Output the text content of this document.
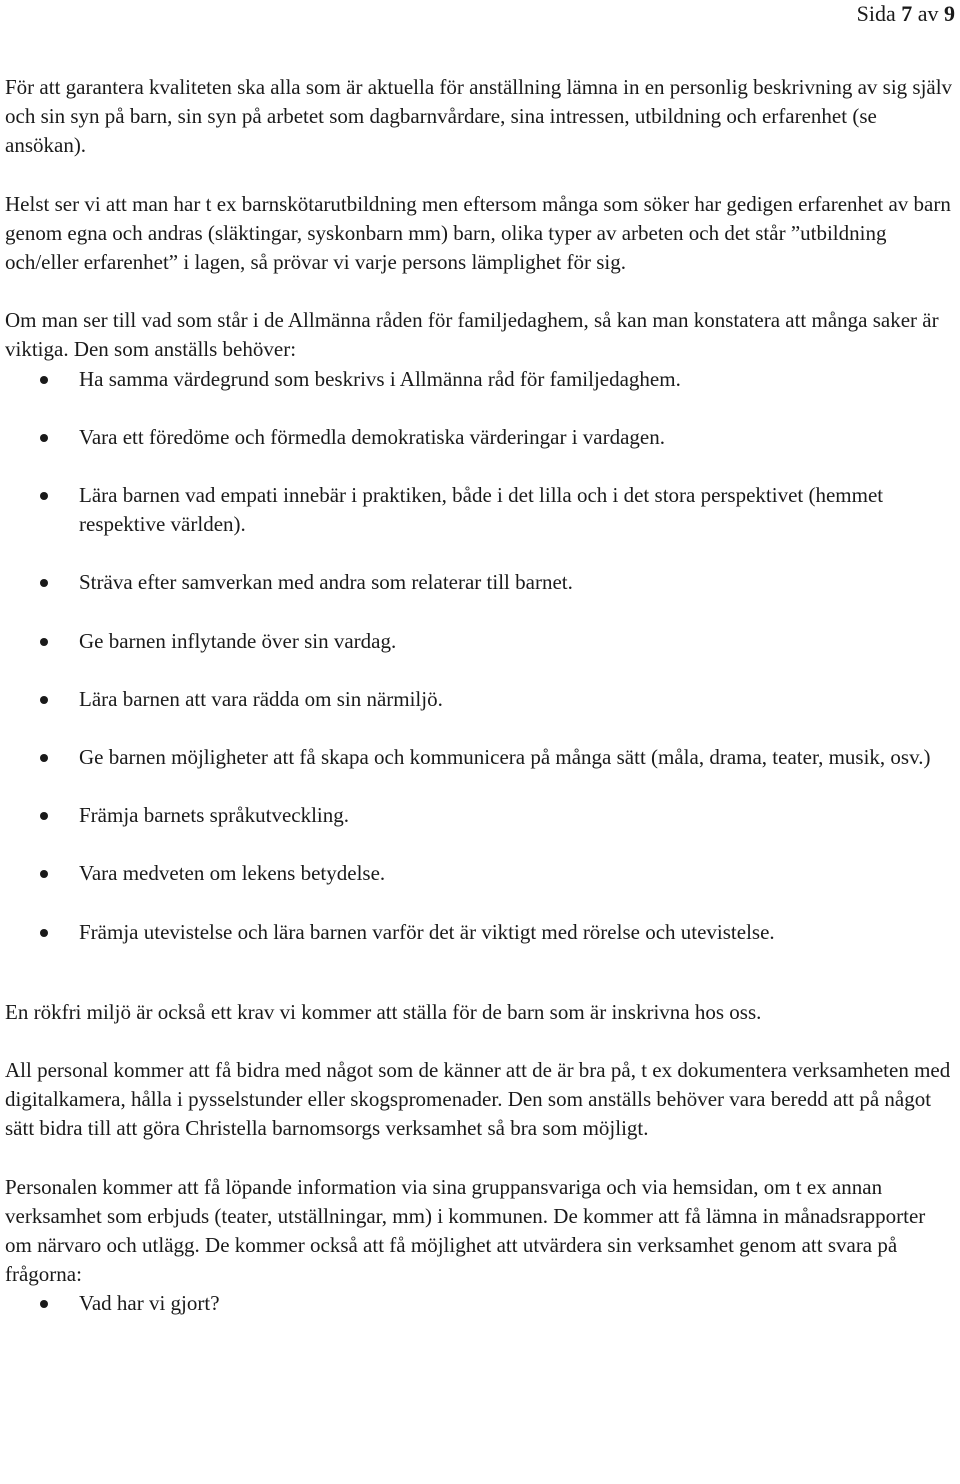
Sida 7 av 9

För att garantera kvaliteten ska alla som är aktuella för anställning lämna in en personlig beskrivning av sig själv och sin syn på barn, sin syn på arbetet som dagbarnvårdare, sina intressen, utbildning och erfarenhet (se ansökan).

Helst ser vi att man har t ex barnskötarutbildning men eftersom många som söker har gedigen erfarenhet av barn genom egna och andras (släktingar, syskonbarn mm) barn, olika typer av arbeten och det står ”utbildning och/eller erfarenhet” i lagen, så prövar vi varje persons lämplighet för sig.

Om man ser till vad som står i de Allmänna råden för familjedaghem, så kan man konstatera att många saker är viktiga. Den som anställs behöver:

Ha samma värdegrund som beskrivs i Allmänna råd för familjedaghem.
Vara ett föredöme och förmedla demokratiska värderingar i vardagen.
Lära barnen vad empati innebär i praktiken, både i det lilla och i det stora perspektivet (hemmet respektive världen).
Sträva efter samverkan med andra som relaterar till barnet.
Ge barnen inflytande över sin vardag.
Lära barnen att vara rädda om sin närmiljö.
Ge barnen möjligheter att få skapa och kommunicera på många sätt (måla, drama, teater, musik, osv.)
Främja barnets språkutveckling.
Vara medveten om lekens betydelse.
Främja utevistelse och lära barnen varför det är viktigt med rörelse och utevistelse.

En rökfri miljö är också ett krav vi kommer att ställa för de barn som är inskrivna hos oss.

All personal kommer att få bidra med något som de känner att de är bra på, t ex dokumentera verksamheten med digitalkamera, hålla i pysselstunder eller skogspromenader. Den som anställs behöver vara beredd att på något sätt bidra till att göra Christella barnomsorgs verksamhet så bra som möjligt.

Personalen kommer att få löpande information via sina gruppansvariga och via hemsidan, om t ex annan verksamhet som erbjuds (teater, utställningar, mm) i kommunen. De kommer att få lämna in månadsrapporter om närvaro och utlägg. De kommer också att få möjlighet att utvärdera sin verksamhet genom att svara på frågorna:

Vad har vi gjort?
